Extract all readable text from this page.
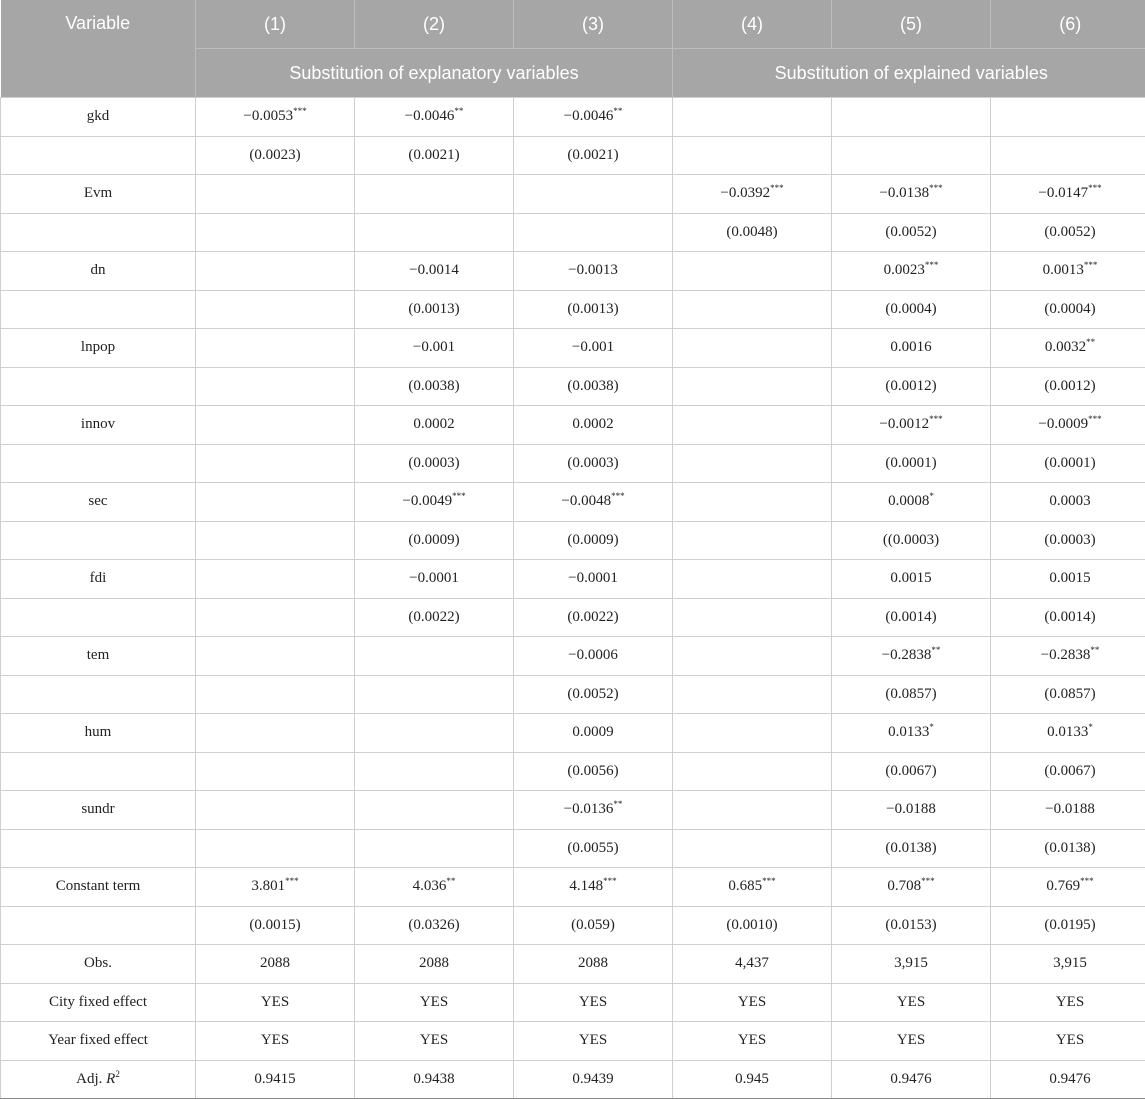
Variable	(1)	(2)	(3)	(4)	(5)	(6)
	Substitution of explanatory variables			Substitution of explained variables		
gkd	−0.0053***	−0.0046**	−0.0046**			
	(0.0023)	(0.0021)	(0.0021)			
Evm				−0.0392***	−0.0138***	−0.0147***
				(0.0048)	(0.0052)	(0.0052)
dn		−0.0014	−0.0013		0.0023***	0.0013***
		(0.0013)	(0.0013)		(0.0004)	(0.0004)
lnpop		−0.001	−0.001		0.0016	0.0032**
		(0.0038)	(0.0038)		(0.0012)	(0.0012)
innov		0.0002	0.0002		−0.0012***	−0.0009***
		(0.0003)	(0.0003)		(0.0001)	(0.0001)
sec		−0.0049***	−0.0048***		0.0008*	0.0003
		(0.0009)	(0.0009)		((0.0003)	(0.0003)
fdi		−0.0001	−0.0001		0.0015	0.0015
		(0.0022)	(0.0022)		(0.0014)	(0.0014)
tem			−0.0006		−0.2838**	−0.2838**
			(0.0052)		(0.0857)	(0.0857)
hum			0.0009		0.0133*	0.0133*
			(0.0056)		(0.0067)	(0.0067)
sundr			−0.0136**		−0.0188	−0.0188
			(0.0055)		(0.0138)	(0.0138)
Constant term	3.801***	4.036**	4.148***	0.685***	0.708***	0.769***
	(0.0015)	(0.0326)	(0.059)	(0.0010)	(0.0153)	(0.0195)
Obs.	2088	2088	2088	4,437	3,915	3,915
City fixed effect	YES	YES	YES	YES	YES	YES
Year fixed effect	YES	YES	YES	YES	YES	YES
Adj. $R^2$	0.9415	0.9438	0.9439	0.945	0.9476	0.9476
